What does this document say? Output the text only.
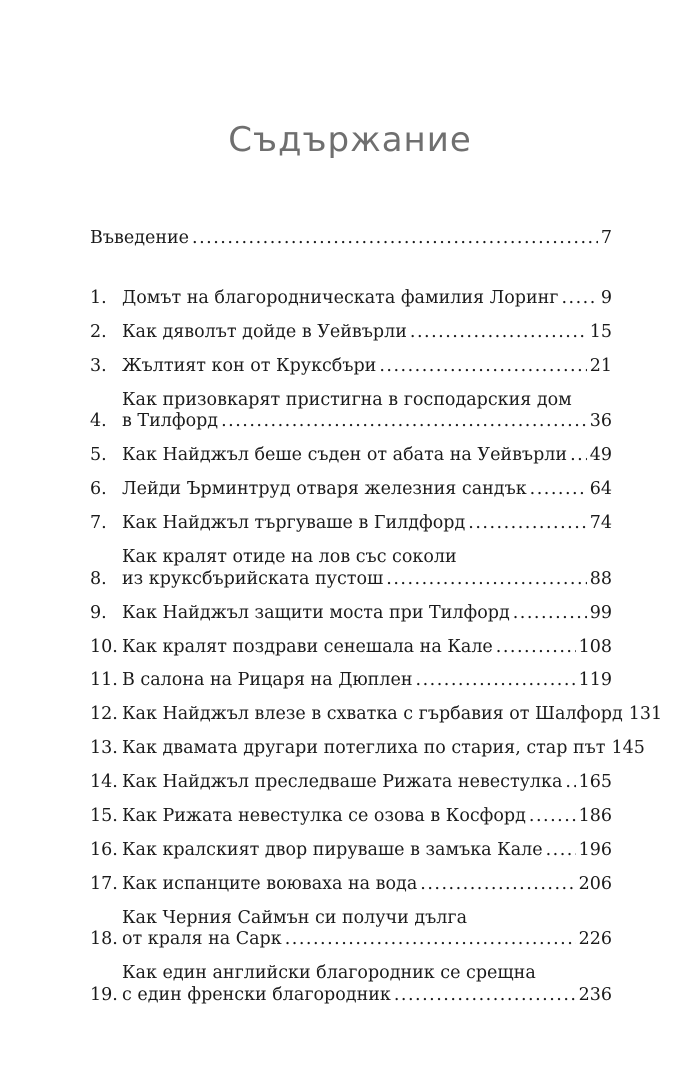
Съдържание
Въведение .....	7
1. Домът на благородническата фамилия Лоринг ..... 9
2. Как дяволът дойде в Уейвърли .....	15
3. Жълтият кон от Круксбъри .....	21
4.
Как призовкарят пристигна в господарския дом
в Тилфорд .....	36
5. Как Найджъл беше съден от абата на Уейвърли ..... 49
6. Лейди Ърминтруд отваря железния сандък .....	64
7. Как Найджъл търгуваше в Гилдфорд .....	74
8.
Как кралят отиде на лов със соколи
из круксбърийската пустош .....	88
9. Как Найджъл защити моста при Тилфорд .....	99
10. Как кралят поздрави сенешала на Кале .....	108
11. В салона на Рицаря на Дюплен .....	119
12. Как Найджъл влезе в схватка с гърбавия от Шалфорд 131
13. Как двамата другари потеглиха по стария, стар път 145
14. Как Найджъл преследваше Рижата невестулка ..... 165
15. Как Рижата невестулка се озова в Косфорд .....	186
16. Как кралският двор пируваше в замъка Кале ..... 196
17. Как испанците воюваха на вода .....	206
18.
Как Черния Саймън си получи дълга
от краля на Сарк .....	226
19.
Как един английски благородник се срещна
с един френски благородник .....	236
